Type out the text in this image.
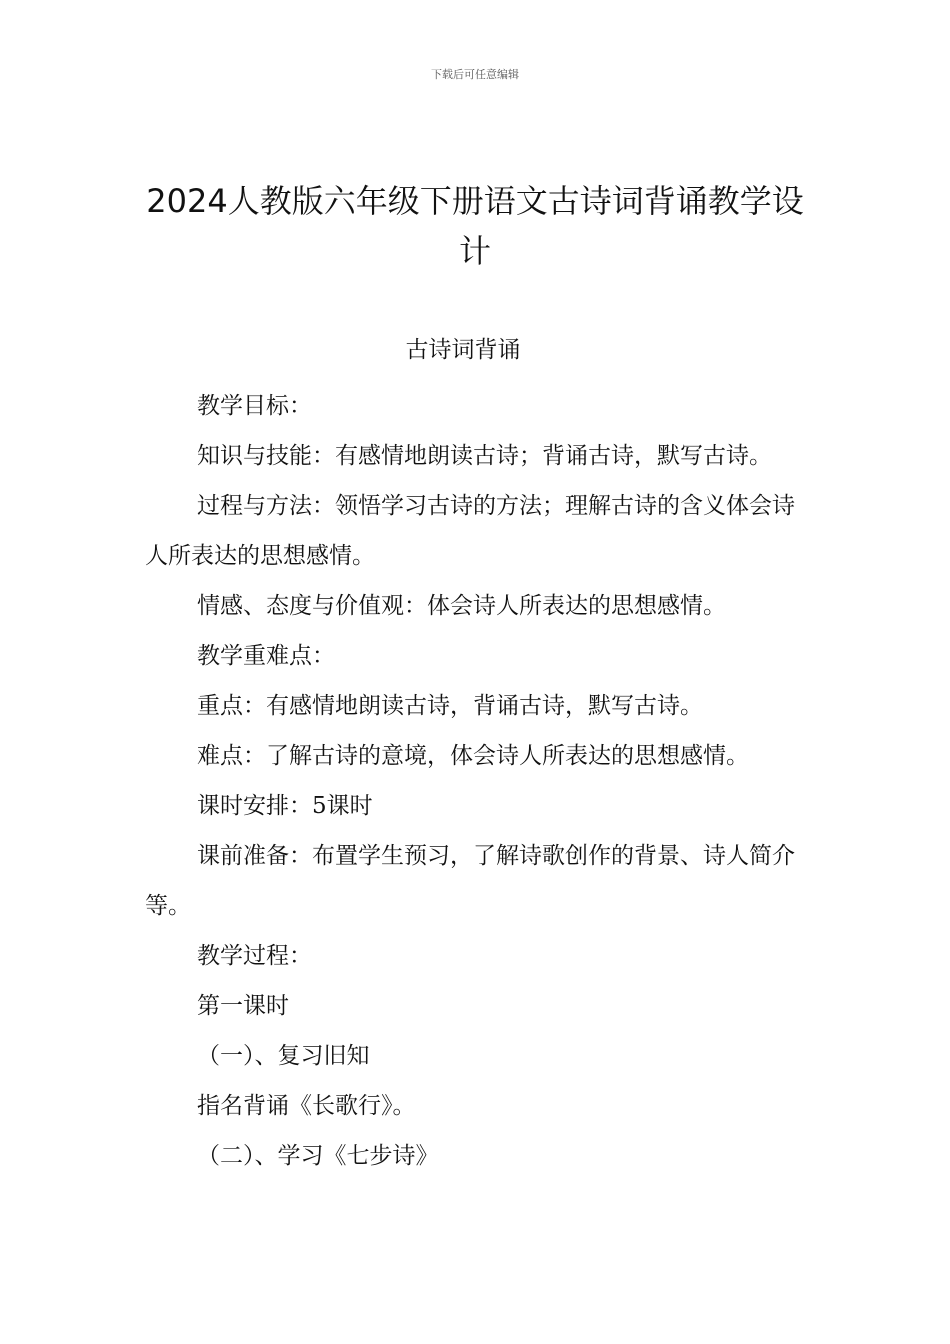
下载后可任意编辑
2024人教版六年级下册语文古诗词背诵教学设计
古诗词背诵

教学目标：

知识与技能：有感情地朗读古诗；背诵古诗，默写古诗。

过程与方法：领悟学习古诗的方法；理解古诗的含义体会诗人所表达的思想感情。

情感、态度与价值观：体会诗人所表达的思想感情。

教学重难点：

重点：有感情地朗读古诗，背诵古诗，默写古诗。

难点：了解古诗的意境，体会诗人所表达的思想感情。

课时安排：5课时

课前准备：布置学生预习，了解诗歌创作的背景、诗人简介等。

教学过程：

第一课时

（一）、复习旧知

指名背诵《长歌行》。

（二）、学习《七步诗》
